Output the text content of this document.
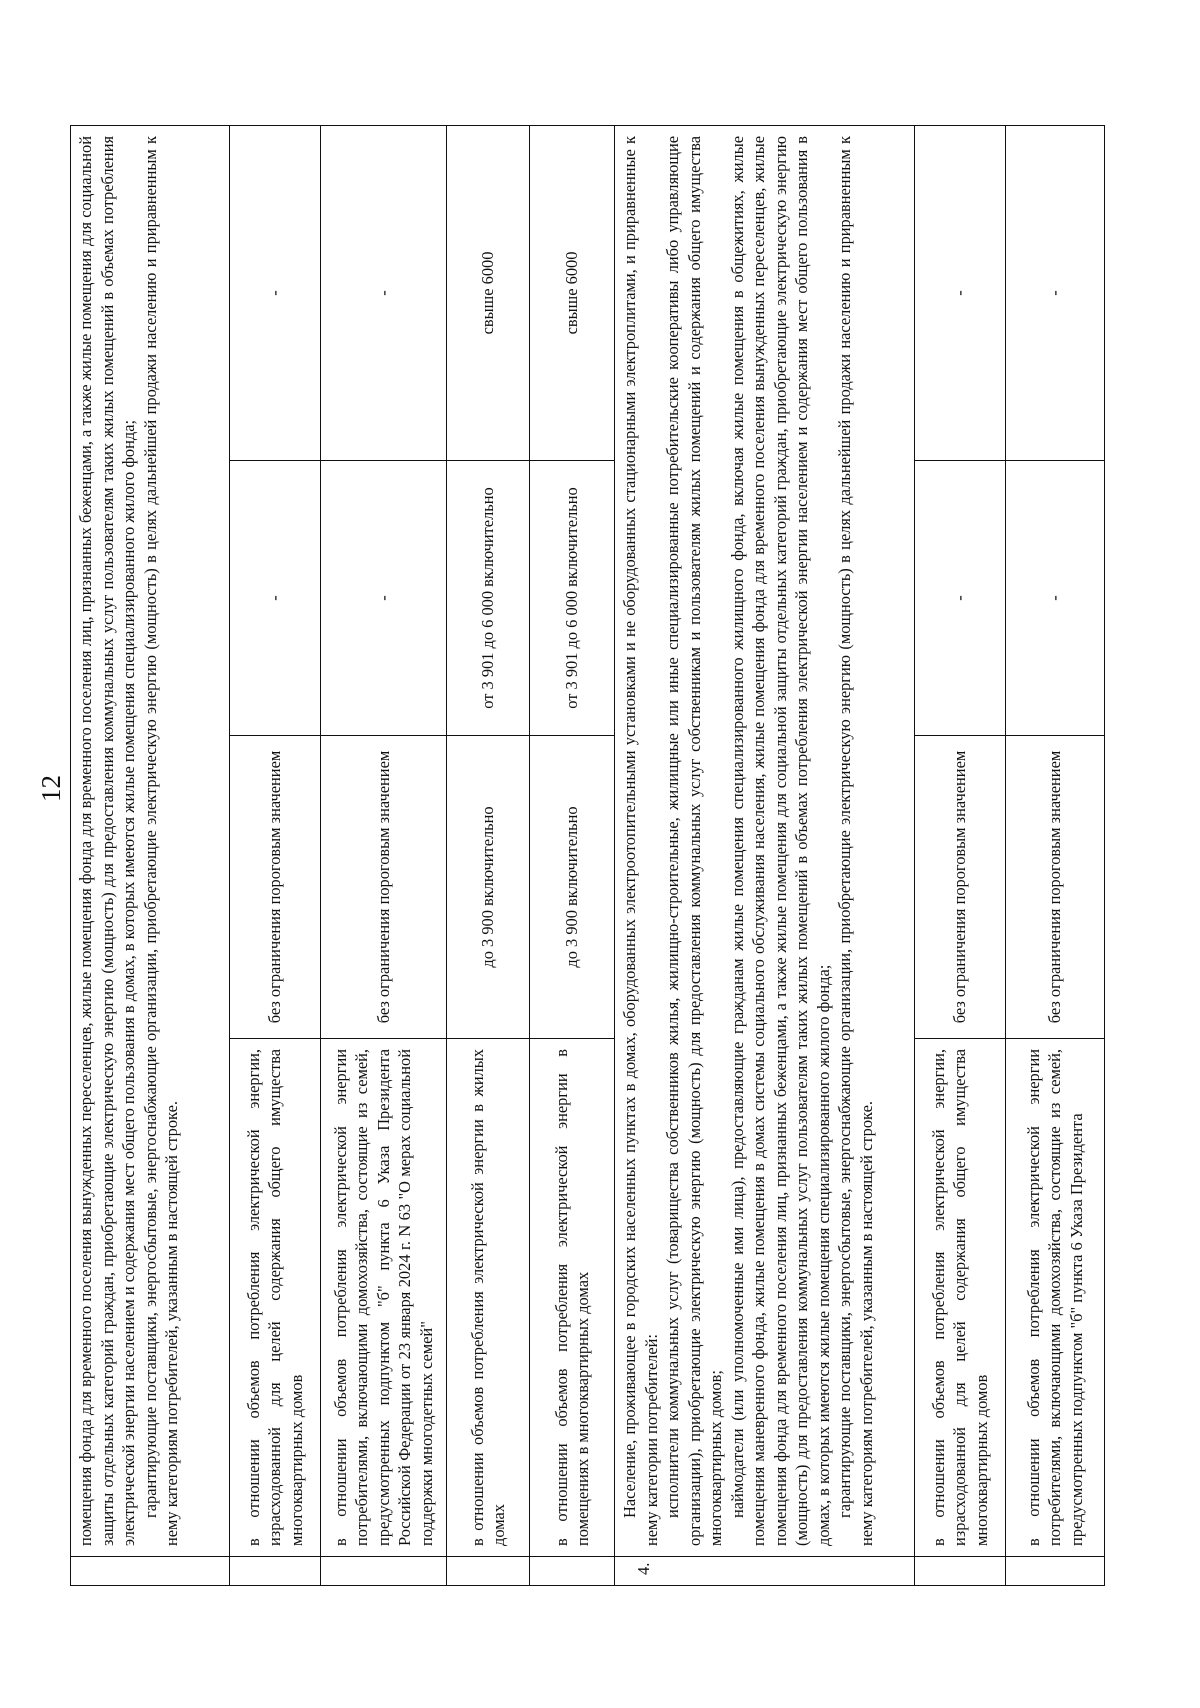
12

	помещения фонда для временного поселения вынужденных переселенцев, жилые помещения фонда для временного поселения лиц, признанных беженцами, а также жилые помещения для социальной защиты отдельных категорий граждан, приобретающие электрическую энергию (мощность) для предоставления коммунальных услуг пользователям таких жилых помещений в объемах потребления электрической энергии населением и содержания мест общего пользования в домах, в которых имеются жилые помещения специализированного жилого фонда; гарантирующие поставщики, энергосбытовые, энергоснабжающие организации, приобретающие электрическую энергию (мощность) в целях дальнейшей продажи населению и приравненным к нему категориям потребителей, указанным в настоящей строке.			

	в отношении объемов потребления электрической энергии, израсходованной для целей содержания общего имущества многоквартирных домов	без ограничения пороговым значением	-	-
	в отношении объемов потребления электрической энергии потребителями, включающими домохозяйства, состоящие из семей, предусмотренных подпунктом "б" пункта 6 Указа Президента Российской Федерации от 23 января 2024 г. N 63 "О мерах социальной поддержки многодетных семей"	без ограничения пороговым значением	-	-
	в отношении объемов потребления электрической энергии в жилых домах	до 3 900 включительно	от 3 901 до 6 000 включительно	свыше 6000
	в отношении объемов потребления электрической энергии в помещениях в многоквартирных домах	до 3 900 включительно	от 3 901 до 6 000 включительно	свыше 6000
4.	Население, проживающее в городских населенных пунктах в домах, оборудованных электроотопительными установками и не оборудованных стационарными электроплитами, и приравненные к нему категории потребителей: исполнители коммунальных услуг (товарищества собственников жилья, жилищно-строительные, жилищные или иные специализированные потребительские кооперативы либо управляющие организации), приобретающие электрическую энергию (мощность) для предоставления коммунальных услуг собственникам и пользователям жилых помещений и содержания общего имущества многоквартирных домов; наймодатели (или уполномоченные ими лица), предоставляющие гражданам жилые помещения специализированного жилищного фонда, включая жилые помещения в общежитиях, жилые помещения маневренного фонда, жилые помещения в домах системы социального обслуживания населения, жилые помещения фонда для временного поселения вынужденных переселенцев, жилые помещения фонда для временного поселения лиц, признанных беженцами, а также жилые помещения для социальной защиты отдельных категорий граждан, приобретающие электрическую энергию (мощность) для предоставления коммунальных услуг пользователям таких жилых помещений в объемах потребления электрической энергии населением и содержания мест общего пользования в домах, в которых имеются жилые помещения специализированного жилого фонда; гарантирующие поставщики, энергосбытовые, энергоснабжающие организации, приобретающие электрическую энергию (мощность) в целях дальнейшей продажи населению и приравненным к нему категориям потребителей, указанным в настоящей строке.			

	в отношении объемов потребления электрической энергии, израсходованной для целей содержания общего имущества многоквартирных домов	без ограничения пороговым значением	-	-
	в отношении объемов потребления электрической энергии потребителями, включающими домохозяйства, состоящие из семей, предусмотренных подпунктом "б" пункта 6 Указа Президента	без ограничения пороговым значением	-	-
